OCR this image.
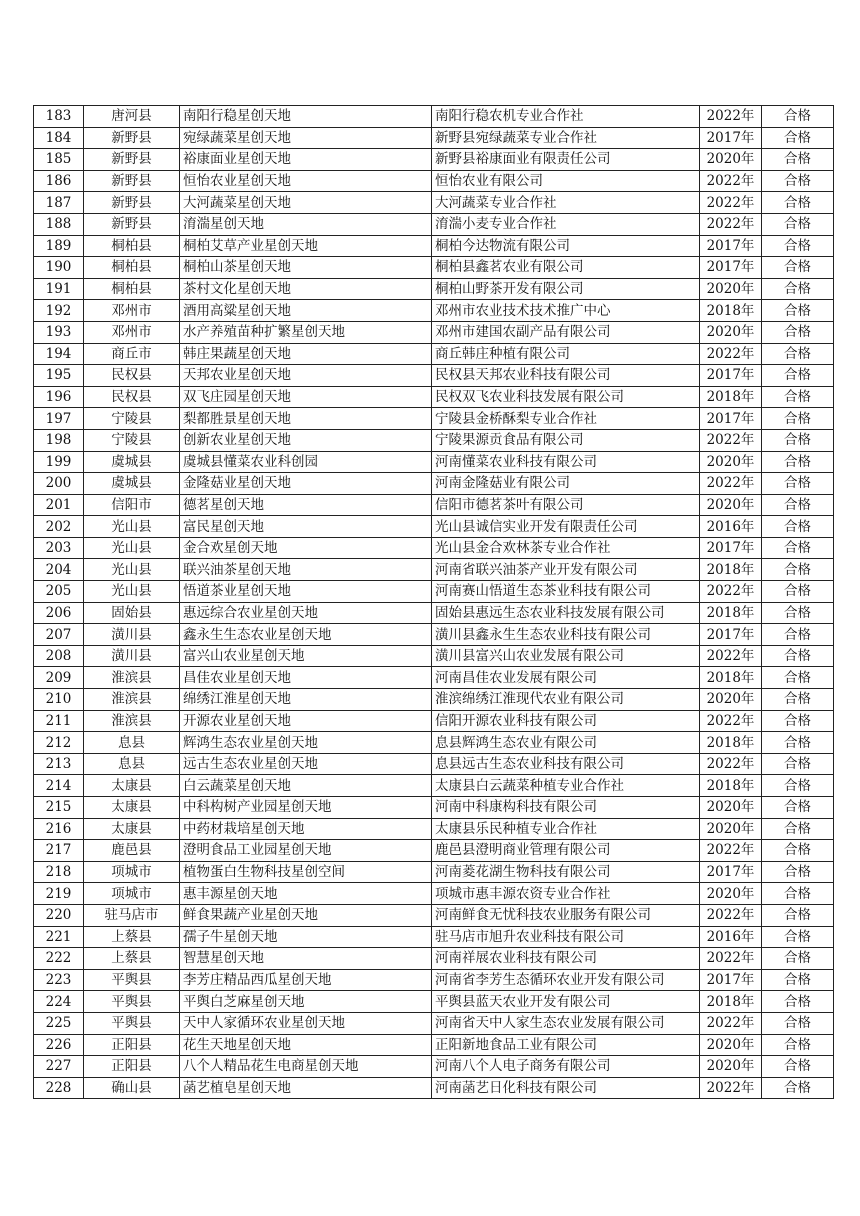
183	唐河县	南阳行稳星创天地	南阳行稳农机专业合作社	2022年	合格
184	新野县	宛绿蔬菜星创天地	新野县宛绿蔬菜专业合作社	2017年	合格
185	新野县	裕康面业星创天地	新野县裕康面业有限责任公司	2020年	合格
186	新野县	恒怡农业星创天地	恒怡农业有限公司	2022年	合格
187	新野县	大河蔬菜星创天地	大河蔬菜专业合作社	2022年	合格
188	新野县	淯湍星创天地	淯湍小麦专业合作社	2022年	合格
189	桐柏县	桐柏艾草产业星创天地	桐柏今达物流有限公司	2017年	合格
190	桐柏县	桐柏山茶星创天地	桐柏县鑫茗农业有限公司	2017年	合格
191	桐柏县	茶村文化星创天地	桐柏山野茶开发有限公司	2020年	合格
192	邓州市	酒用高粱星创天地	邓州市农业技术技术推广中心	2018年	合格
193	邓州市	水产养殖苗种扩繁星创天地	邓州市建国农副产品有限公司	2020年	合格
194	商丘市	韩庄果蔬星创天地	商丘韩庄种植有限公司	2022年	合格
195	民权县	天邦农业星创天地	民权县天邦农业科技有限公司	2017年	合格
196	民权县	双飞庄园星创天地	民权双飞农业科技发展有限公司	2018年	合格
197	宁陵县	梨都胜景星创天地	宁陵县金桥酥梨专业合作社	2017年	合格
198	宁陵县	创新农业星创天地	宁陵果源贡食品有限公司	2022年	合格
199	虞城县	虞城县懂菜农业科创园	河南懂菜农业科技有限公司	2020年	合格
200	虞城县	金隆菇业星创天地	河南金隆菇业有限公司	2022年	合格
201	信阳市	德茗星创天地	信阳市德茗茶叶有限公司	2020年	合格
202	光山县	富民星创天地	光山县诚信实业开发有限责任公司	2016年	合格
203	光山县	金合欢星创天地	光山县金合欢林茶专业合作社	2017年	合格
204	光山县	联兴油茶星创天地	河南省联兴油茶产业开发有限公司	2018年	合格
205	光山县	悟道茶业星创天地	河南赛山悟道生态茶业科技有限公司	2022年	合格
206	固始县	惠远综合农业星创天地	固始县惠远生态农业科技发展有限公司	2018年	合格
207	潢川县	鑫永生生态农业星创天地	潢川县鑫永生生态农业科技有限公司	2017年	合格
208	潢川县	富兴山农业星创天地	潢川县富兴山农业发展有限公司	2022年	合格
209	淮滨县	昌佳农业星创天地	河南昌佳农业发展有限公司	2018年	合格
210	淮滨县	绵绣江淮星创天地	淮滨绵绣江淮现代农业有限公司	2020年	合格
211	淮滨县	开源农业星创天地	信阳开源农业科技有限公司	2022年	合格
212	息县	辉鸿生态农业星创天地	息县辉鸿生态农业有限公司	2018年	合格
213	息县	远古生态农业星创天地	息县远古生态农业科技有限公司	2022年	合格
214	太康县	白云蔬菜星创天地	太康县白云蔬菜种植专业合作社	2018年	合格
215	太康县	中科构树产业园星创天地	河南中科康构科技有限公司	2020年	合格
216	太康县	中药材栽培星创天地	太康县乐民种植专业合作社	2020年	合格
217	鹿邑县	澄明食品工业园星创天地	鹿邑县澄明商业管理有限公司	2022年	合格
218	项城市	植物蛋白生物科技星创空间	河南菱花湖生物科技有限公司	2017年	合格
219	项城市	惠丰源星创天地	项城市惠丰源农资专业合作社	2020年	合格
220	驻马店市	鲜食果蔬产业星创天地	河南鲜食无忧科技农业服务有限公司	2022年	合格
221	上蔡县	孺子牛星创天地	驻马店市旭升农业科技有限公司	2016年	合格
222	上蔡县	智慧星创天地	河南祥展农业科技有限公司	2022年	合格
223	平舆县	李芳庄精品西瓜星创天地	河南省李芳生态循环农业开发有限公司	2017年	合格
224	平舆县	平舆白芝麻星创天地	平舆县蓝天农业开发有限公司	2018年	合格
225	平舆县	天中人家循环农业星创天地	河南省天中人家生态农业发展有限公司	2022年	合格
226	正阳县	花生天地星创天地	正阳新地食品工业有限公司	2020年	合格
227	正阳县	八个人精品花生电商星创天地	河南八个人电子商务有限公司	2020年	合格
228	确山县	菡艺植皂星创天地	河南菡艺日化科技有限公司	2022年	合格
